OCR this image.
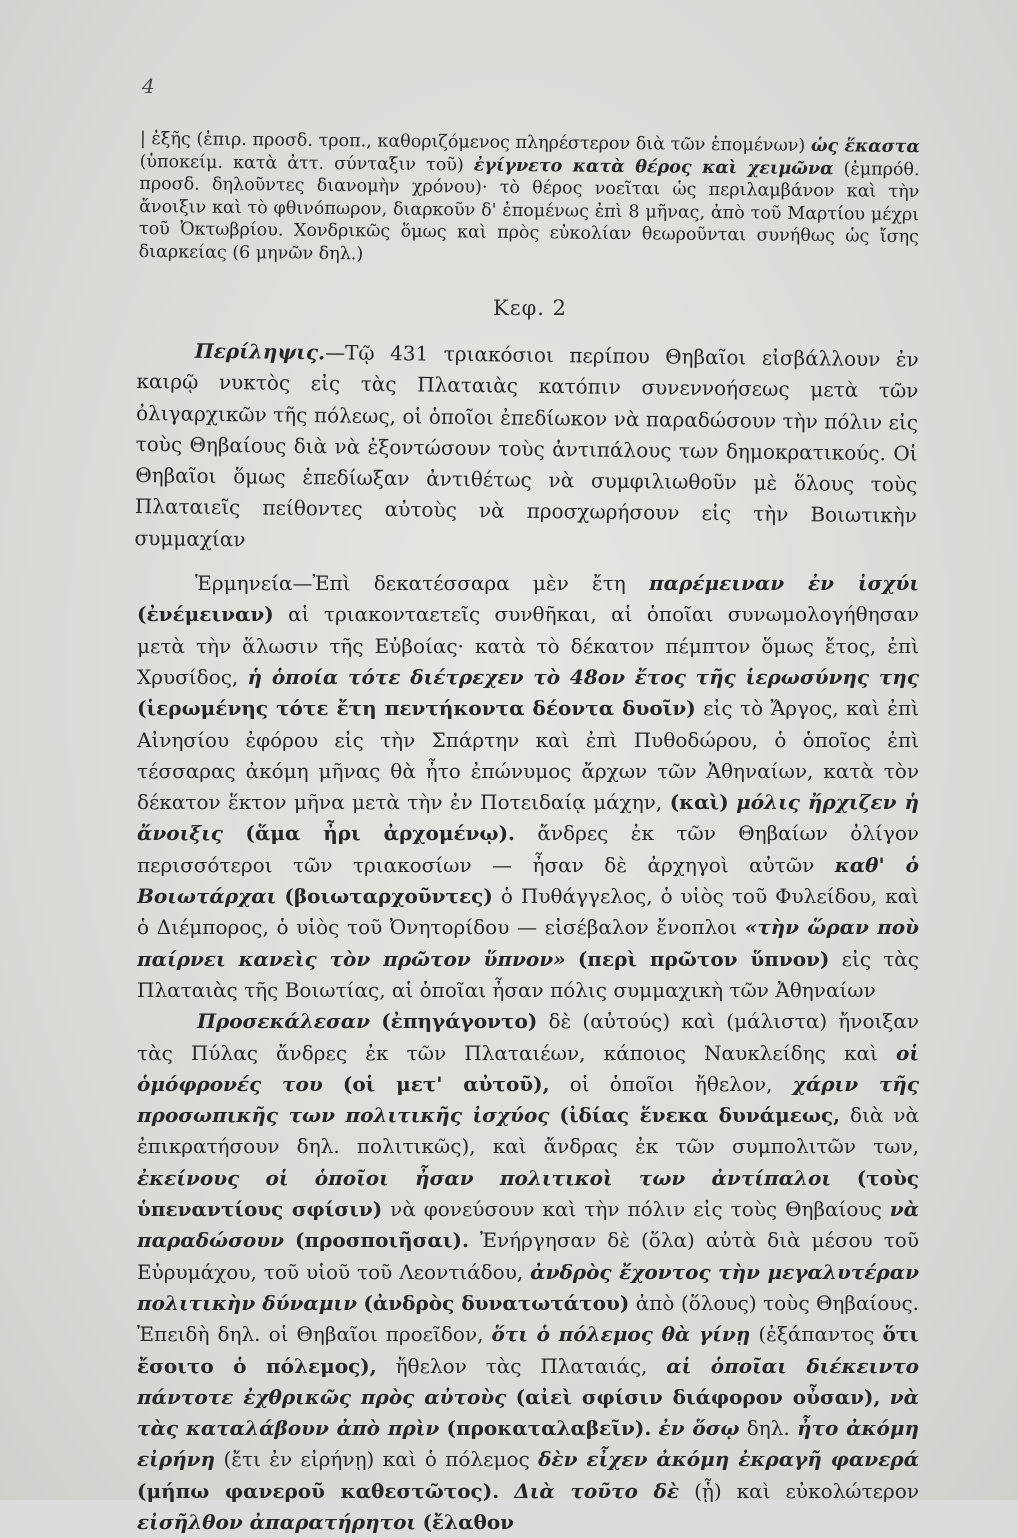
4
| ἐξῆς (ἐπιρ. προσδ. τροπ., καθοριζόμενος πληρέστερον διὰ τῶν ἑπομένων) ὡς ἕκαστα (ὑποκείμ. κατὰ ἀττ. σύνταξιν τοῦ) ἐγίγνετο κατὰ θέρος καὶ χειμῶνα (ἐμπρόθ. προσδ. δηλοῦντες διανομὴν χρόνου)· τὸ θέρος νοεῖται ὡς περιλαμβάνον καὶ τὴν ἄνοιξιν καὶ τὸ φθινόπωρον, διαρκοῦν δ' ἐπομένως ἐπὶ 8 μῆνας, ἀπὸ τοῦ Μαρτίου μέχρι τοῦ Ὀκτωβρίου. Χονδρικῶς ὅμως καὶ πρὸς εὐκολίαν θεωροῦνται συνήθως ὡς ἴσης διαρκείας (6 μηνῶν δηλ.)
Κεφ. 2

Περίληψις.—Τῷ 431 τριακόσιοι περίπου Θηβαῖοι εἰσβάλλουν ἐν καιρῷ νυκτὸς εἰς τὰς Πλαταιὰς κατόπιν συνεννοήσεως μετὰ τῶν ὀλιγαρχικῶν τῆς πόλεως, οἱ ὁποῖοι ἐπεδίωκον νὰ παραδώσουν τὴν πόλιν εἰς τοὺς Θηβαίους διὰ νὰ ἐξοντώσουν τοὺς ἀντιπάλους των δημοκρατικούς. Οἱ Θηβαῖοι ὅμως ἐπεδίωξαν ἀντιθέτως νὰ συμφιλιωθοῦν μὲ ὅλους τοὺς Πλαταιεῖς πείθοντες αὐτοὺς νὰ προσχωρήσουν εἰς τὴν Βοιωτικὴν συμμαχίαν

Ἑρμηνεία—Ἐπὶ δεκατέσσαρα μὲν ἔτη παρέμειναν ἐν ἰσχύι (ἐνέμειναν) αἱ τριακονταετεῖς συνθῆκαι, αἱ ὁποῖαι συνωμολογήθησαν μετὰ τὴν ἅλωσιν τῆς Εὐβοίας· κατὰ τὸ δέκατον πέμπτον ὅμως ἔτος, ἐπὶ Χρυσίδος, ἡ ὁποία τότε διέτρεχεν τὸ 48ον ἔτος τῆς ἱερωσύνης της (ἱερωμένης τότε ἔτη πεντήκοντα δέοντα δυοῖν) εἰς τὸ Ἄργος, καὶ ἐπὶ Αἰνησίου ἐφόρου εἰς τὴν Σπάρτην καὶ ἐπὶ Πυθοδώρου, ὁ ὁποῖος ἐπὶ τέσσαρας ἀκόμη μῆνας θὰ ἦτο ἐπώνυμος ἄρχων τῶν Ἀθηναίων, κατὰ τὸν δέκατον ἕκτον μῆνα μετὰ τὴν ἐν Ποτειδαίᾳ μάχην, (καὶ) μόλις ἤρχιζεν ἡ ἄνοιξις (ἅμα ἦρι ἀρχομένῳ). ἄνδρες ἐκ τῶν Θηβαίων ὀλίγον περισσότεροι τῶν τριακοσίων — ἦσαν δὲ ἀρχηγοὶ αὐτῶν καθ' ὁ Βοιωτάρχαι (βοιωταρχοῦντες) ὁ Πυθάγγελος, ὁ υἱὸς τοῦ Φυλείδου, καὶ ὁ Διέμπορος, ὁ υἱὸς τοῦ Ὀνητορίδου — εἰσέβαλον ἔνοπλοι «τὴν ὥραν ποὺ παίρνει κανεὶς τὸν πρῶτον ὕπνον» (περὶ πρῶτον ὕπνον) εἰς τὰς Πλαταιὰς τῆς Βοιωτίας, αἱ ὁποῖαι ἦσαν πόλις συμμαχικὴ τῶν Ἀθηναίων

Προσεκάλεσαν (ἐπηγάγοντο) δὲ (αὐτούς) καὶ (μάλιστα) ἤνοιξαν τὰς Πύλας ἄνδρες ἐκ τῶν Πλαταιέων, κάποιος Ναυκλείδης καὶ οἱ ὁμόφρονές του (οἱ μετ' αὐτοῦ), οἱ ὁποῖοι ἤθελον, χάριν τῆς προσωπικῆς των πολιτικῆς ἰσχύος (ἰδίας ἕνεκα δυνάμεως, διὰ νὰ ἐπικρατήσουν δηλ. πολιτικῶς), καὶ ἄνδρας ἐκ τῶν συμπολιτῶν των, ἐκείνους οἱ ὁποῖοι ἦσαν πολιτικοὶ των ἀντίπαλοι (τοὺς ὑπεναντίους σφίσιν) νὰ φονεύσουν καὶ τὴν πόλιν εἰς τοὺς Θηβαίους νὰ παραδώσουν (προσποιῆσαι). Ἐνήργησαν δὲ (ὅλα) αὐτὰ διὰ μέσου τοῦ Εὐρυμάχου, τοῦ υἱοῦ τοῦ Λεοντιάδου, ἀνδρὸς ἔχοντος τὴν μεγαλυτέραν πολιτικὴν δύναμιν (ἀνδρὸς δυνατωτάτου) ἀπὸ (ὅλους) τοὺς Θηβαίους. Ἐπειδὴ δηλ. οἱ Θηβαῖοι προεῖδον, ὅτι ὁ πόλεμος θὰ γίνῃ (ἐξάπαντος ὅτι ἔσοιτο ὁ πόλεμος), ἤθελον τὰς Πλαταιάς, αἱ ὁποῖαι διέκειντο πάντοτε ἐχθρικῶς πρὸς αὐτοὺς (αἰεὶ σφίσιν διάφορον οὖσαν), νὰ τὰς καταλάβουν ἀπὸ πρὶν (προκαταλαβεῖν). ἐν ὅσῳ δηλ. ἦτο ἀκόμη εἰρήνη (ἔτι ἐν εἰρήνῃ) καὶ ὁ πόλεμος δὲν εἶχεν ἀκόμη ἐκραγῆ φανερά (μήπω φανεροῦ καθεστῶτος). Διὰ τοῦτο δὲ (ᾗ) καὶ εὐκολώτερον εἰσῆλθον ἀπαρατήρητοι (ἔλαθον
